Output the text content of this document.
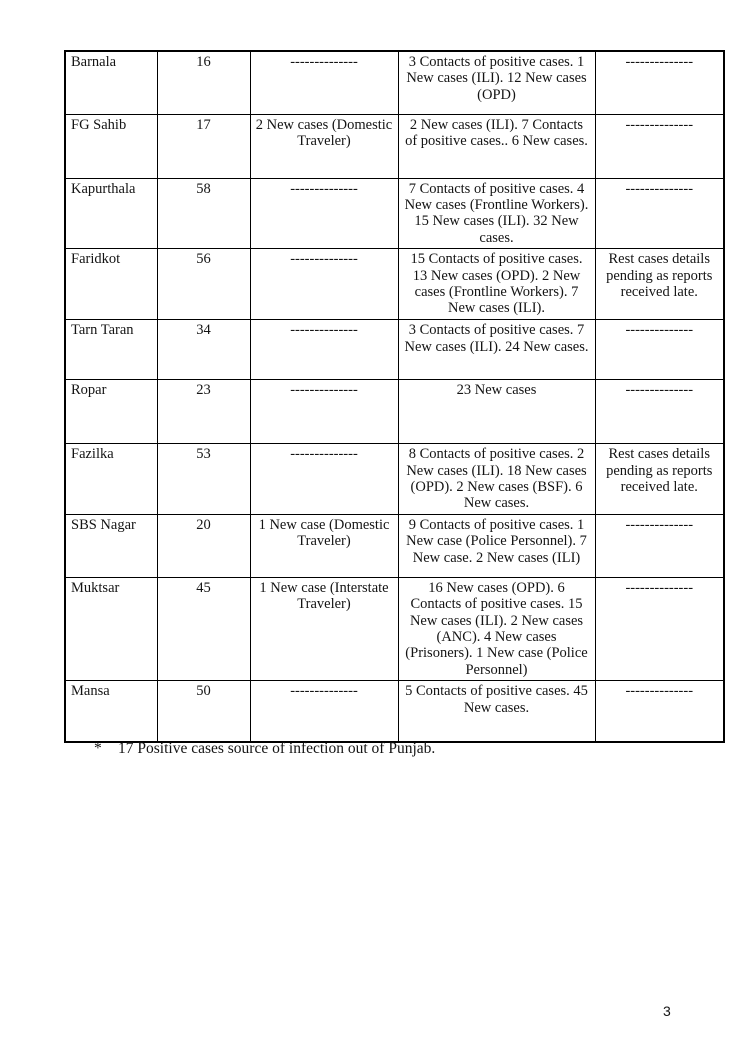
Barnala	16	--------------	3 Contacts of positive cases. 1 New cases (ILI). 12 New cases (OPD)	--------------
FG Sahib	17	2 New cases (Domestic Traveler)	2 New cases (ILI). 7 Contacts of positive cases.. 6 New cases.	--------------
Kapurthala	58	--------------	7 Contacts of positive cases. 4 New cases (Frontline Workers). 15 New cases (ILI). 32 New cases.	--------------
Faridkot	56	--------------	15 Contacts of positive cases. 13 New cases (OPD). 2 New cases (Frontline Workers). 7 New cases (ILI).	Rest cases details pending as reports received late.
Tarn Taran	34	--------------	3 Contacts of positive cases. 7 New cases (ILI). 24 New cases.	--------------
Ropar	23	--------------	23 New cases	--------------
Fazilka	53	--------------	8 Contacts of positive cases. 2 New cases (ILI). 18 New cases (OPD). 2 New cases (BSF). 6 New cases.	Rest cases details pending as reports received late.
SBS Nagar	20	1 New case (Domestic Traveler)	9 Contacts of positive cases. 1 New case (Police Personnel). 7 New case. 2 New cases (ILI)	--------------
Muktsar	45	1 New case (Interstate Traveler)	16 New cases (OPD). 6 Contacts of positive cases. 15 New cases (ILI). 2 New cases (ANC). 4 New cases (Prisoners). 1 New case (Police Personnel)	--------------
Mansa	50	--------------	5 Contacts of positive cases. 45 New cases.	--------------
* 17 Positive cases source of infection out of Punjab.
3
